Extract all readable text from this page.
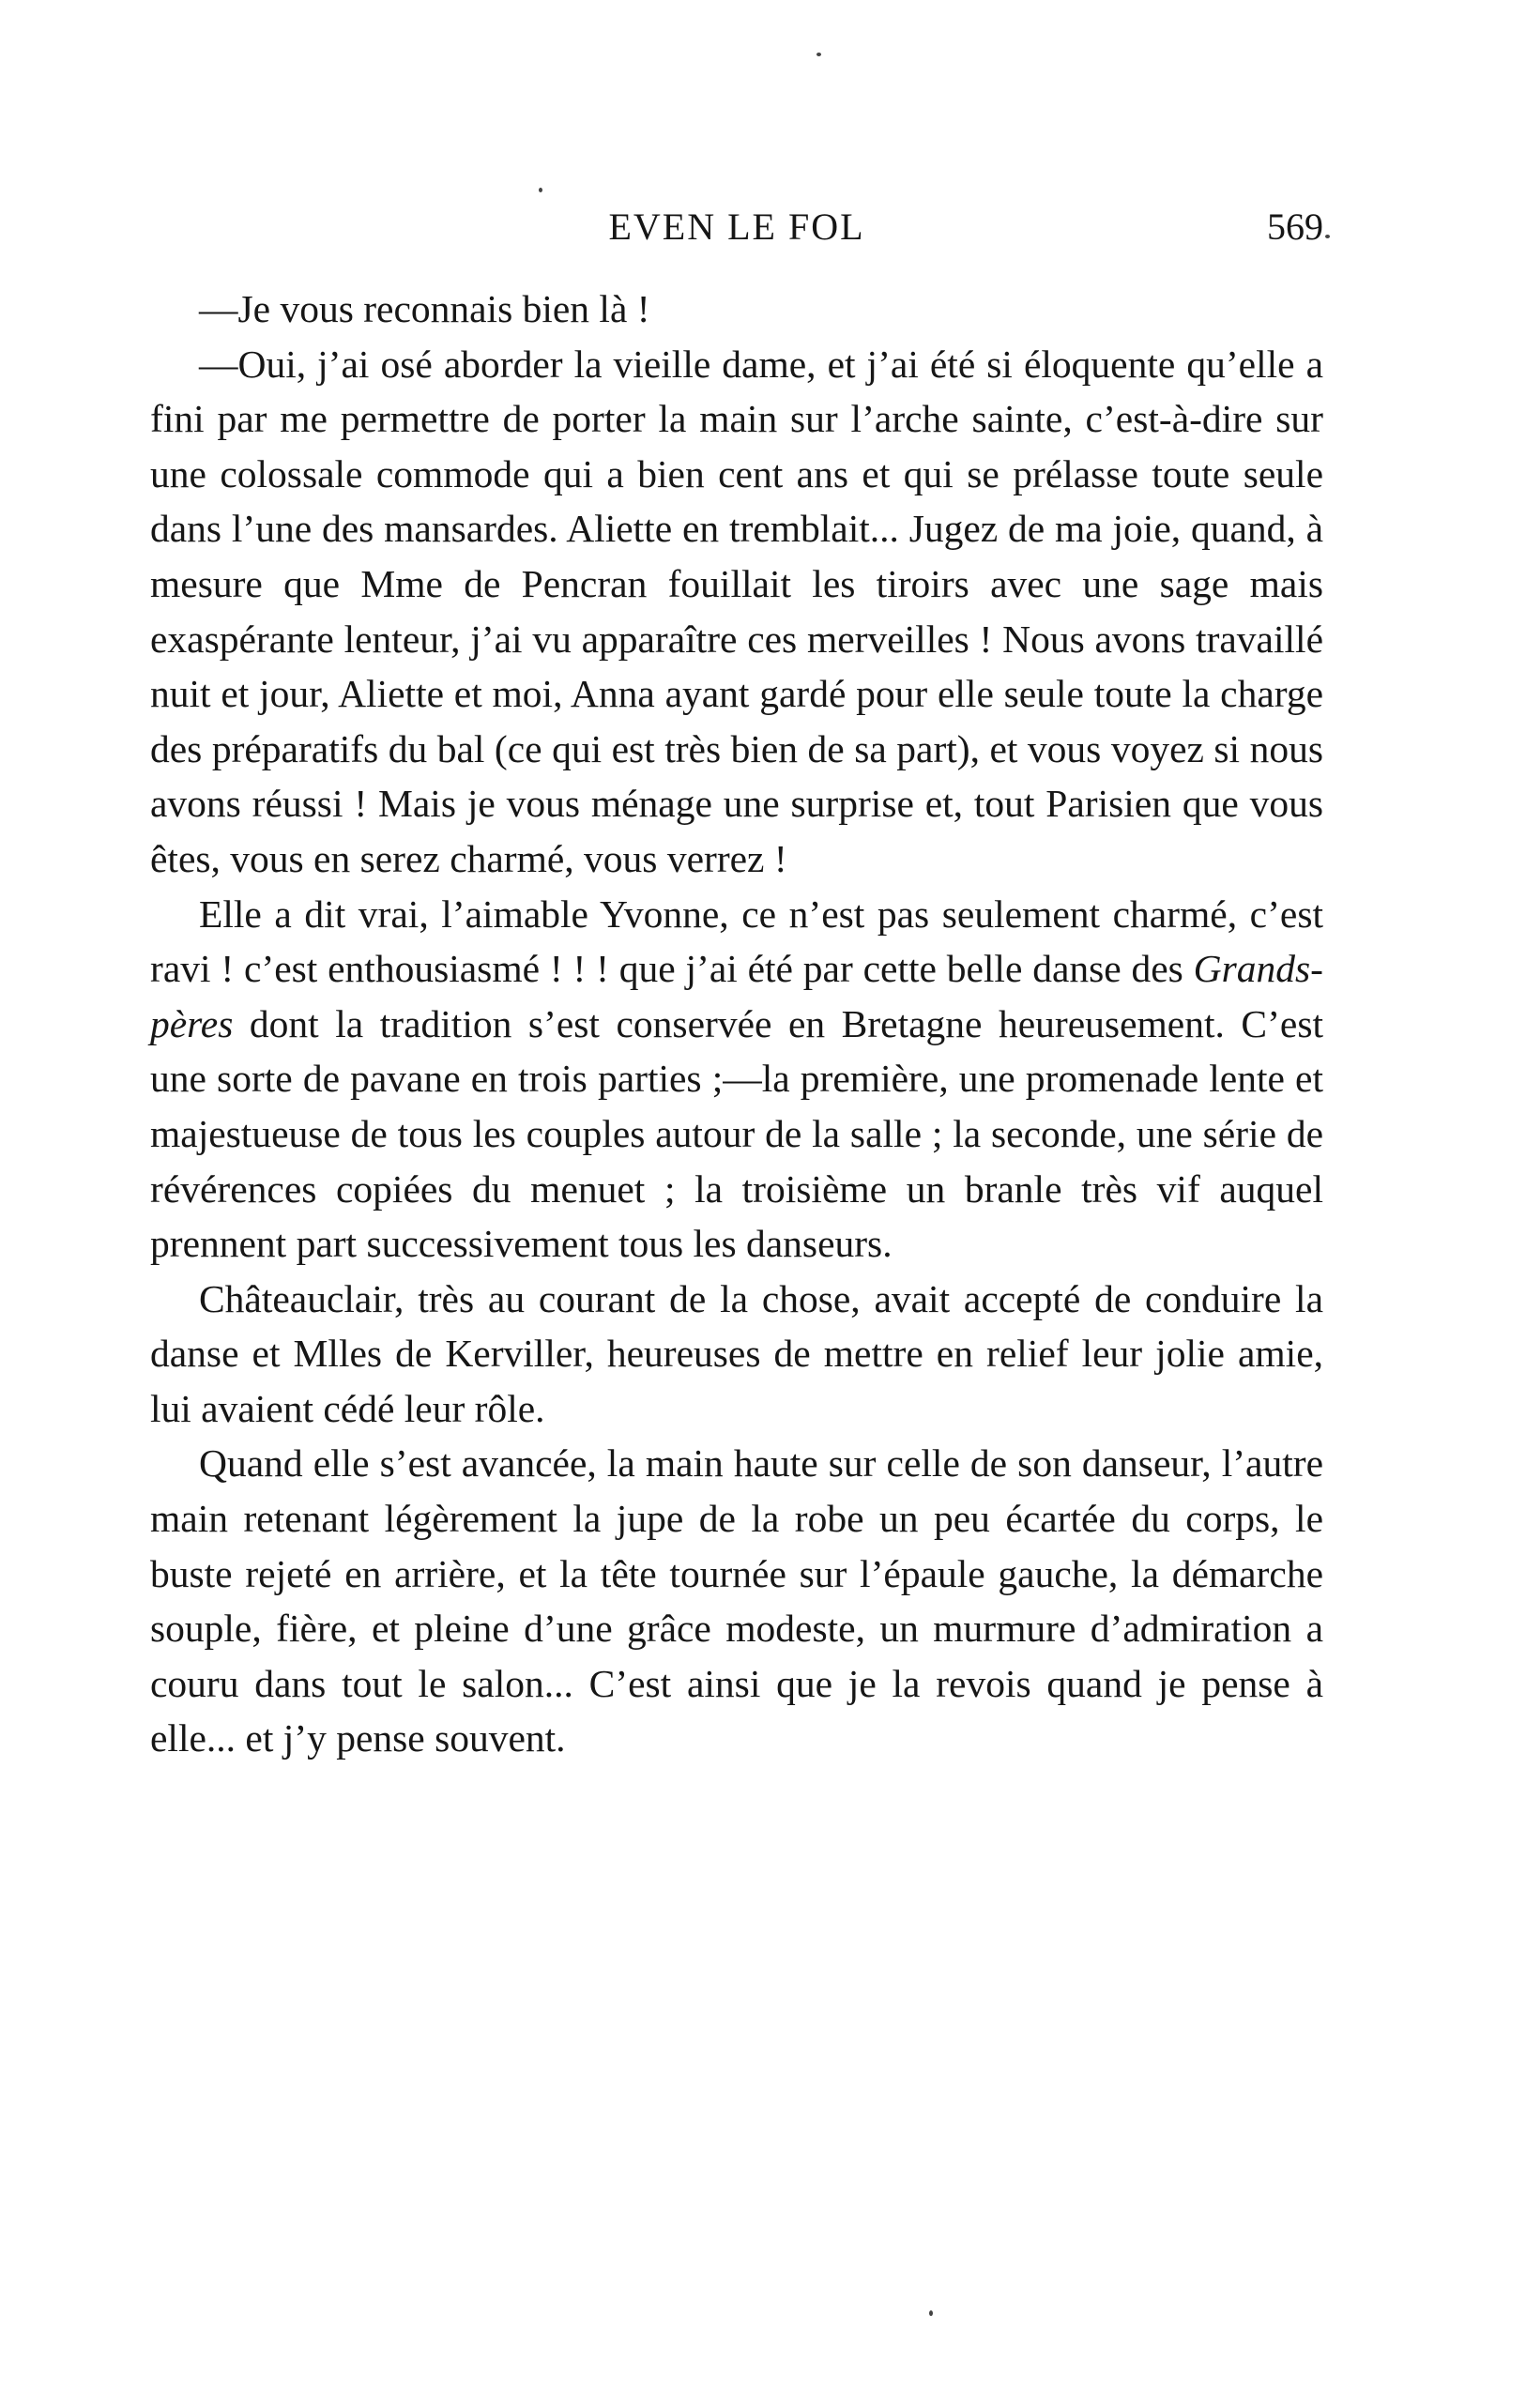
EVEN LE FOL	569

—Je vous reconnais bien là !

—Oui, j’ai osé aborder la vieille dame, et j’ai été si éloquente qu’elle a fini par me permettre de porter la main sur l’arche sainte, c’est-à-dire sur une colossale commode qui a bien cent ans et qui se prélasse toute seule dans l’une des mansardes. Aliette en tremblait... Jugez de ma joie, quand, à mesure que Mme de Pencran fouillait les tiroirs avec une sage mais exaspérante lenteur, j’ai vu apparaître ces merveilles ! Nous avons travaillé nuit et jour, Aliette et moi, Anna ayant gardé pour elle seule toute la charge des préparatifs du bal (ce qui est très bien de sa part), et vous voyez si nous avons réussi ! Mais je vous ménage une surprise et, tout Parisien que vous êtes, vous en serez charmé, vous verrez !

Elle a dit vrai, l’aimable Yvonne, ce n’est pas seulement charmé, c’est ravi ! c’est enthousiasmé ! ! ! que j’ai été par cette belle danse des Grands-pères dont la tradition s’est conservée en Bretagne heureusement. C’est une sorte de pavane en trois parties ;—la première, une promenade lente et majestueuse de tous les couples autour de la salle ; la seconde, une série de révérences copiées du menuet ; la troisième un branle très vif auquel prennent part successivement tous les danseurs.

Châteauclair, très au courant de la chose, avait accepté de conduire la danse et Mlles de Kerviller, heureuses de mettre en relief leur jolie amie, lui avaient cédé leur rôle.

Quand elle s’est avancée, la main haute sur celle de son danseur, l’autre main retenant légèrement la jupe de la robe un peu écartée du corps, le buste rejeté en arrière, et la tête tournée sur l’épaule gauche, la démarche souple, fière, et pleine d’une grâce modeste, un murmure d’admiration a couru dans tout le salon... C’est ainsi que je la revois quand je pense à elle... et j’y pense souvent.
